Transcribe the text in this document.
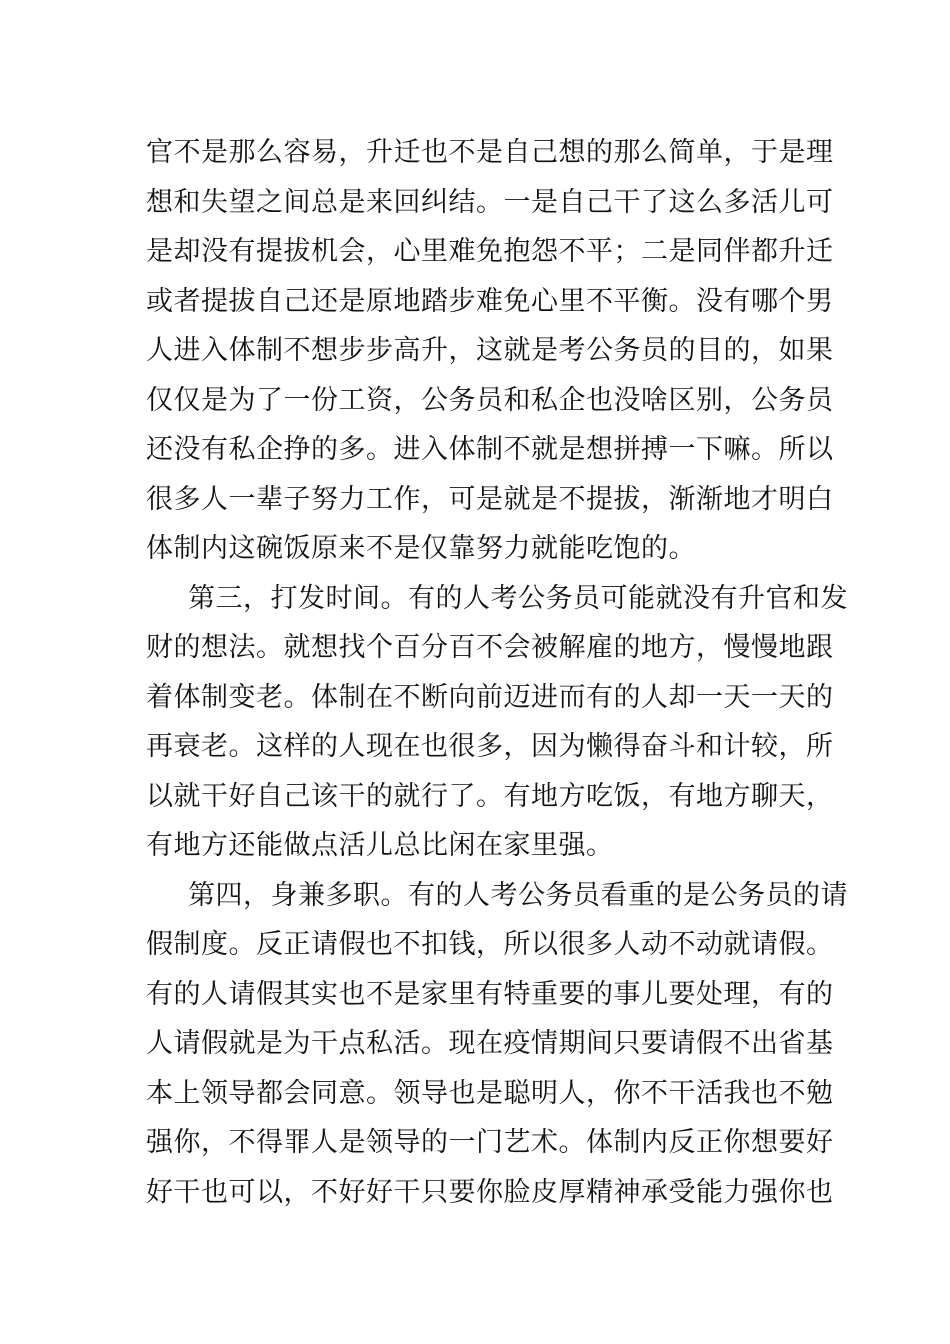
官不是那么容易，升迁也不是自己想的那么简单，于是理
想和失望之间总是来回纠结。一是自己干了这么多活儿可
是却没有提拔机会，心里难免抱怨不平；二是同伴都升迁
或者提拔自己还是原地踏步难免心里不平衡。没有哪个男
人进入体制不想步步高升，这就是考公务员的目的，如果
仅仅是为了一份工资，公务员和私企也没啥区别，公务员
还没有私企挣的多。进入体制不就是想拼搏一下嘛。所以
很多人一辈子努力工作，可是就是不提拔，渐渐地才明白
体制内这碗饭原来不是仅靠努力就能吃饱的。
第三，打发时间。有的人考公务员可能就没有升官和发
财的想法。就想找个百分百不会被解雇的地方，慢慢地跟
着体制变老。体制在不断向前迈进而有的人却一天一天的
再衰老。这样的人现在也很多，因为懒得奋斗和计较，所
以就干好自己该干的就行了。有地方吃饭，有地方聊天，
有地方还能做点活儿总比闲在家里强。
第四，身兼多职。有的人考公务员看重的是公务员的请
假制度。反正请假也不扣钱，所以很多人动不动就请假。
有的人请假其实也不是家里有特重要的事儿要处理，有的
人请假就是为干点私活。现在疫情期间只要请假不出省基
本上领导都会同意。领导也是聪明人，你不干活我也不勉
强你，不得罪人是领导的一门艺术。体制内反正你想要好
好干也可以，不好好干只要你脸皮厚精神承受能力强你也
